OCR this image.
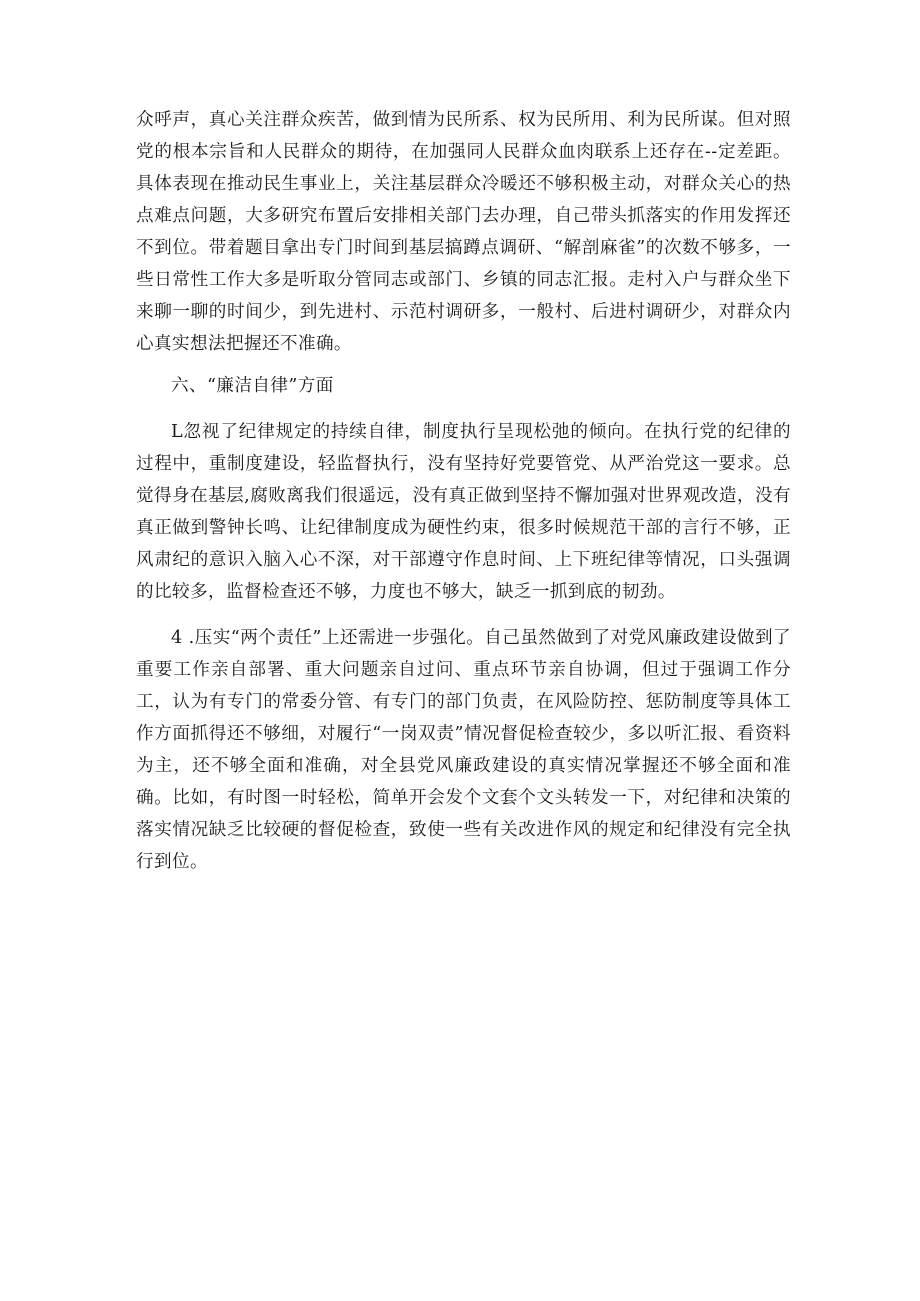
众呼声，真心关注群众疾苦，做到情为民所系、权为民所用、利为民所谋。但对照党的根本宗旨和人民群众的期待，在加强同人民群众血肉联系上还存在--定差距。具体表现在推动民生事业上，关注基层群众冷暖还不够积极主动，对群众关心的热点难点问题，大多研究布置后安排相关部门去办理，自己带头抓落实的作用发挥还不到位。带着题目拿出专门时间到基层搞蹲点调研、“解剖麻雀”的次数不够多，一些日常性工作大多是听取分管同志或部门、乡镇的同志汇报。走村入户与群众坐下来聊一聊的时间少，到先进村、示范村调研多，一般村、后进村调研少，对群众内心真实想法把握还不准确。

六、“廉洁自律”方面

L忽视了纪律规定的持续自律，制度执行呈现松弛的倾向。在执行党的纪律的过程中，重制度建设，轻监督执行，没有坚持好党要管党、从严治党这一要求。总觉得身在基层,腐败离我们很遥远，没有真正做到坚持不懈加强对世界观改造，没有真正做到警钟长鸣、让纪律制度成为硬性约束，很多时候规范干部的言行不够，正风肃纪的意识入脑入心不深，对干部遵守作息时间、上下班纪律等情况，口头强调的比较多，监督检查还不够，力度也不够大，缺乏一抓到底的韧劲。

4 .压实“两个责任”上还需进一步强化。自己虽然做到了对党风廉政建设做到了重要工作亲自部署、重大问题亲自过问、重点环节亲自协调，但过于强调工作分工，认为有专门的常委分管、有专门的部门负责，在风险防控、惩防制度等具体工作方面抓得还不够细，对履行“一岗双责”情况督促检查较少，多以听汇报、看资料为主，还不够全面和准确，对全县党风廉政建设的真实情况掌握还不够全面和准确。比如，有时图一时轻松，简单开会发个文套个文头转发一下，对纪律和决策的落实情况缺乏比较硬的督促检查，致使一些有关改进作风的规定和纪律没有完全执行到位。
